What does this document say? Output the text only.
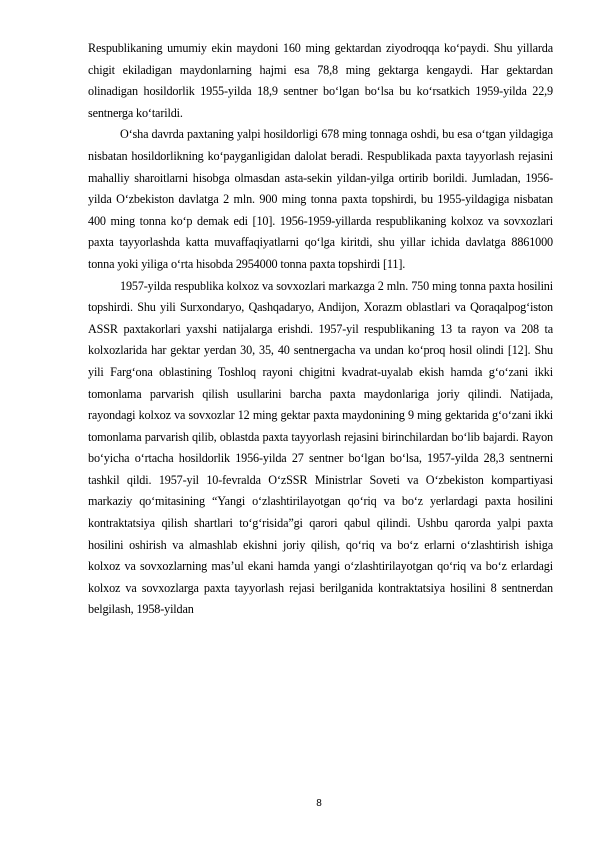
Respublikaning umumiy ekin maydoni 160 ming gektardan ziyodroqqa ko‘paydi. Shu yillarda chigit ekiladigan maydonlarning hajmi esa 78,8 ming gektarga kengaydi. Har gektardan olinadigan hosildorlik 1955-yilda 18,9 sentner bo‘lgan bo‘lsa bu ko‘rsatkich 1959-yilda 22,9 sentnerga ko‘tarildi.

O‘sha davrda paxtaning yalpi hosildorligi 678 ming tonnaga oshdi, bu esa o‘tgan yildagiga nisbatan hosildorlikning ko‘payganligidan dalolat beradi. Respublikada paxta tayyorlash rejasini mahalliy sharoitlarni hisobga olmasdan asta-sekin yildan-yilga ortirib borildi. Jumladan, 1956-yilda O‘zbekiston davlatga 2 mln. 900 ming tonna paxta topshirdi, bu 1955-yildagiga nisbatan 400 ming tonna ko‘p demak edi [10]. 1956-1959-yillarda respublikaning kolxoz va sovxozlari paxta tayyorlashda katta muvaffaqiyatlarni qo‘lga kiritdi, shu yillar ichida davlatga 8861000 tonna yoki yiliga o‘rta hisobda 2954000 tonna paxta topshirdi [11].

1957-yilda respublika kolxoz va sovxozlari markazga 2 mln. 750 ming tonna paxta hosilini topshirdi. Shu yili Surxondaryo, Qashqadaryo, Andijon, Xorazm oblastlari va Qoraqalpog‘iston ASSR paxtakorlari yaxshi natijalarga erishdi. 1957-yil respublikaning 13 ta rayon va 208 ta kolxozlarida har gektar yerdan 30, 35, 40 sentnergacha va undan ko‘proq hosil olindi [12]. Shu yili Farg‘ona oblastining Toshloq rayoni chigitni kvadrat-uyalab ekish hamda g‘o‘zani ikki tomonlama parvarish qilish usullarini barcha paxta maydonlariga joriy qilindi. Natijada, rayondagi kolxoz va sovxozlar 12 ming gektar paxta maydonining 9 ming gektarida g‘o‘zani ikki tomonlama parvarish qilib, oblastda paxta tayyorlash rejasini birinchilardan bo‘lib bajardi. Rayon bo‘yicha o‘rtacha hosildorlik 1956-yilda 27 sentner bo‘lgan bo‘lsa, 1957-yilda 28,3 sentnerni tashkil qildi. 1957-yil 10-fevralda O‘zSSR Ministrlar Soveti va O‘zbekiston kompartiyasi markaziy qo‘mitasining “Yangi o‘zlashtirilayotgan qo‘riq va bo‘z yerlardagi paxta hosilini kontraktatsiya qilish shartlari to‘g‘risida”gi qarori qabul qilindi. Ushbu qarorda yalpi paxta hosilini oshirish va almashlab ekishni joriy qilish, qo‘riq va bo‘z erlarni o‘zlashtirish ishiga kolxoz va sovxozlarning mas’ul ekani hamda yangi o‘zlashtirilayotgan qo‘riq va bo‘z erlardagi kolxoz va sovxozlarga paxta tayyorlash rejasi berilganida kontraktatsiya hosilini 8 sentnerdan belgilash, 1958-yildan

8
